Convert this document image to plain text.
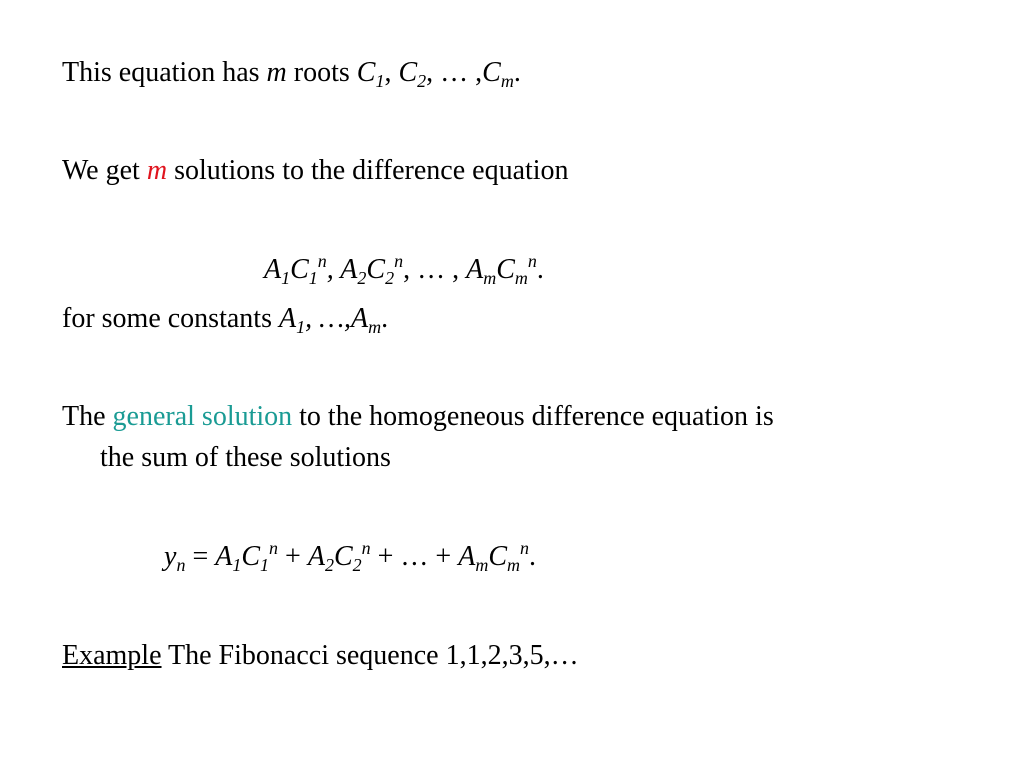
This equation has m roots $C_1$, $C_2$, … $,C_m$.
We get m solutions to the difference equation
$A_1C_1^n$, $A_2C_2^n$, … , $A_mC_m^n$.
for some constants $A_1$, $\dots,A_m$.
The general solution to the homogeneous difference equation is
the sum of these solutions
$y_n = A_1C_1^n + A_2C_2^n$ + … + $A_mC_m^n$.
Example The Fibonacci sequence 1,1,2,3,5,…
